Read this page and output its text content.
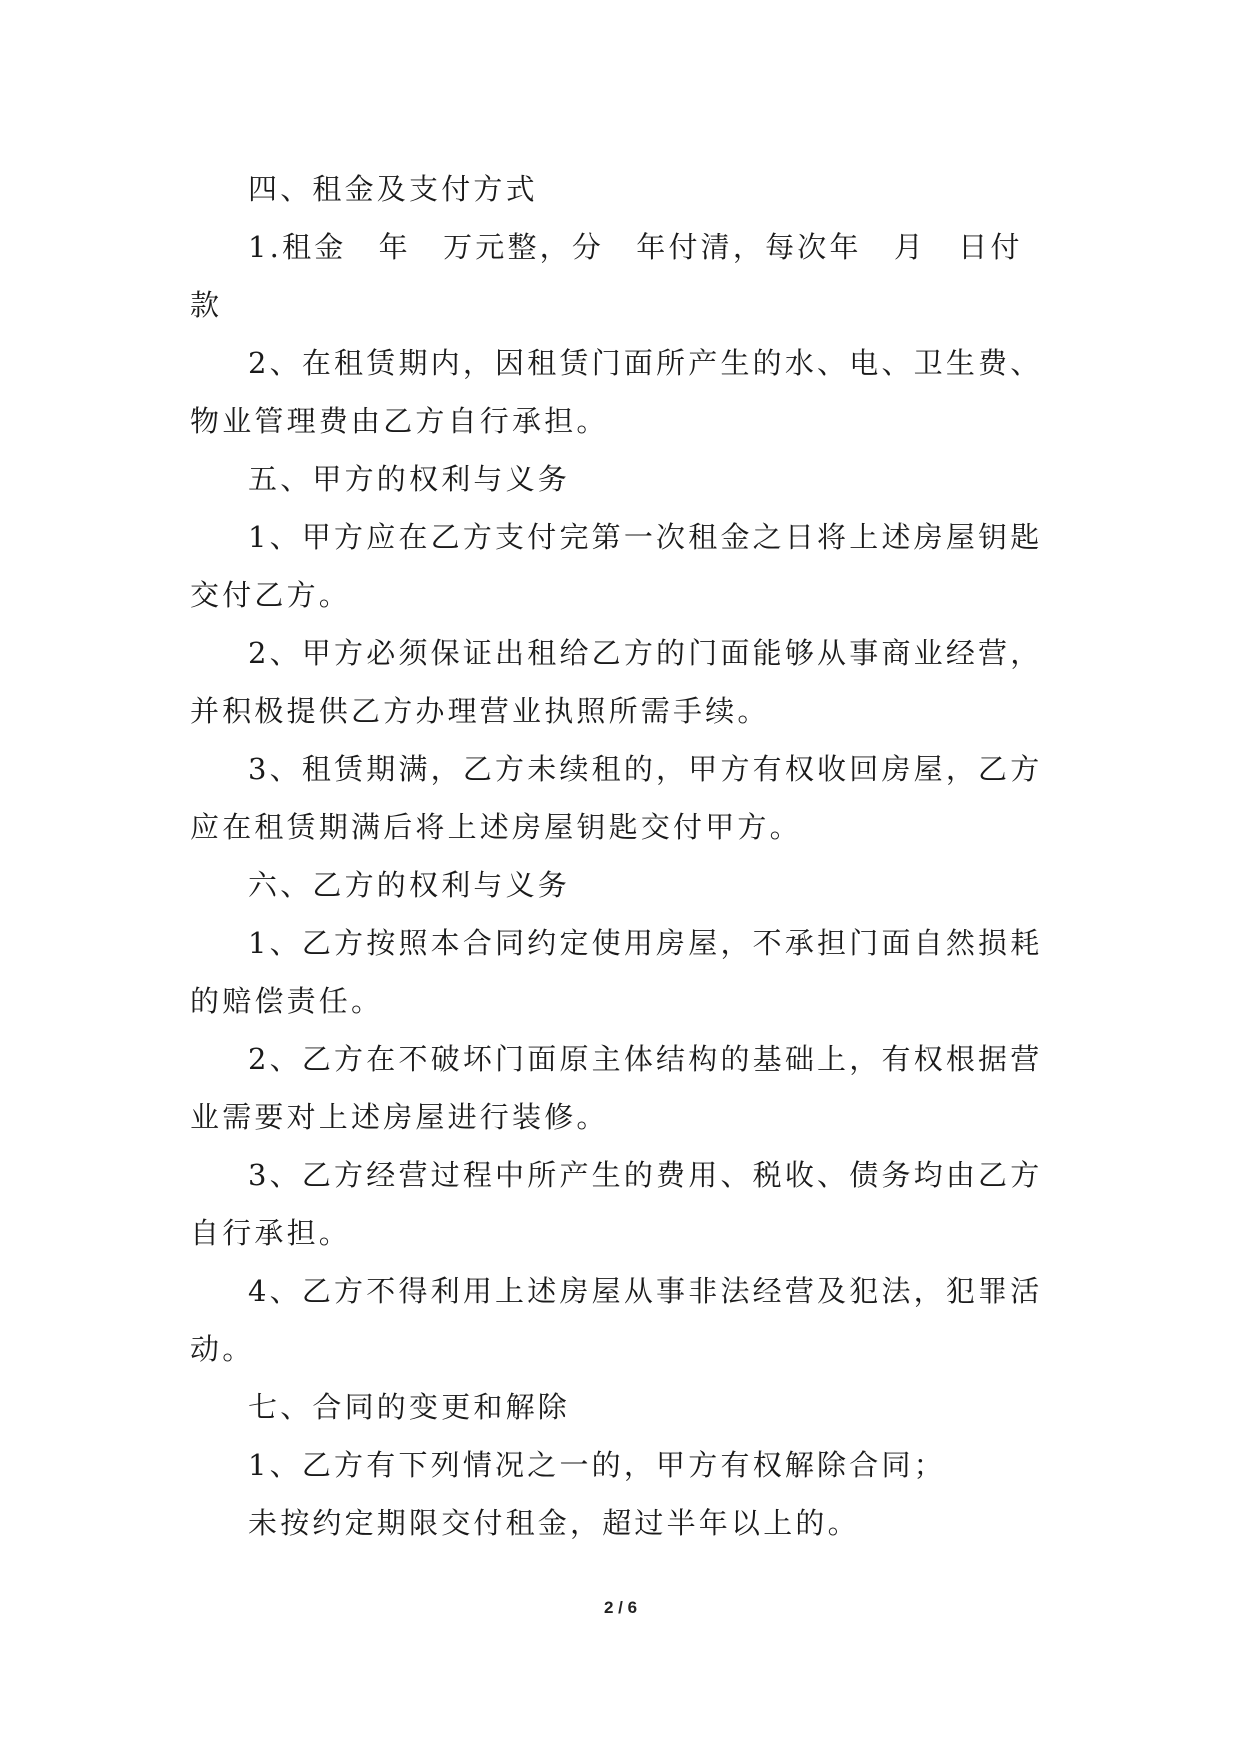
四、租金及支付方式

1.租金　年　万元整，分　年付清，每次年　月　日付款

2、在租赁期内，因租赁门面所产生的水、电、卫生费、物业管理费由乙方自行承担。

五、甲方的权利与义务

1、甲方应在乙方支付完第一次租金之日将上述房屋钥匙交付乙方。

2、甲方必须保证出租给乙方的门面能够从事商业经营，并积极提供乙方办理营业执照所需手续。

3、租赁期满，乙方未续租的，甲方有权收回房屋，乙方应在租赁期满后将上述房屋钥匙交付甲方。

六、乙方的权利与义务

1、乙方按照本合同约定使用房屋，不承担门面自然损耗的赔偿责任。

2、乙方在不破坏门面原主体结构的基础上，有权根据营业需要对上述房屋进行装修。

3、乙方经营过程中所产生的费用、税收、债务均由乙方自行承担。

4、乙方不得利用上述房屋从事非法经营及犯法，犯罪活动。

七、合同的变更和解除

1、乙方有下列情况之一的，甲方有权解除合同；

未按约定期限交付租金，超过半年以上的。

2 / 6
